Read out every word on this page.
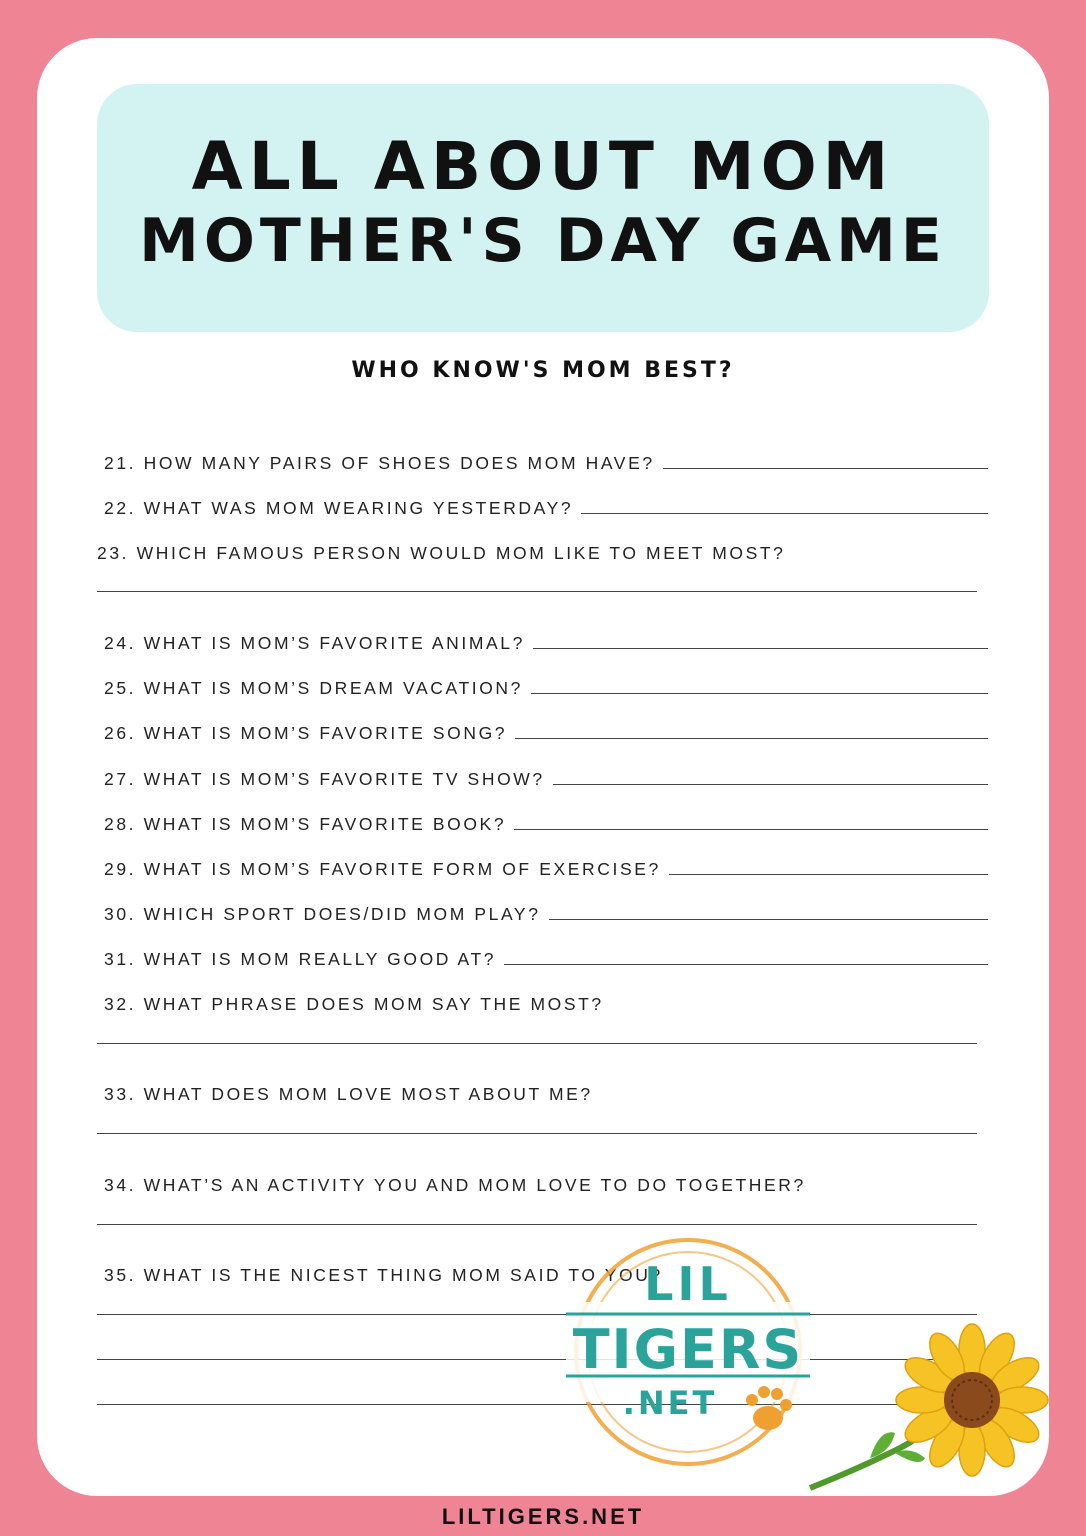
ALL ABOUT MOM
MOTHER'S DAY GAME
WHO KNOW'S MOM BEST?
21. HOW MANY PAIRS OF SHOES DOES MOM HAVE?
22. WHAT WAS MOM WEARING YESTERDAY?
23. WHICH FAMOUS PERSON WOULD MOM LIKE TO MEET MOST?
24. WHAT IS MOM’S FAVORITE ANIMAL?
25. WHAT IS MOM’S DREAM VACATION?
26. WHAT IS MOM’S FAVORITE SONG?
27. WHAT IS MOM’S FAVORITE TV SHOW?
28. WHAT IS MOM’S FAVORITE BOOK?
29. WHAT IS MOM’S FAVORITE FORM OF EXERCISE?
30. WHICH SPORT DOES/DID MOM PLAY?
31. WHAT IS MOM REALLY GOOD AT?
32. WHAT PHRASE DOES MOM SAY THE MOST?
33. WHAT DOES MOM LOVE MOST ABOUT ME?
34. WHAT’S AN ACTIVITY YOU AND MOM LOVE TO DO TOGETHER?
35. WHAT IS THE NICEST THING MOM SAID TO YOU?
LIL
TIGERS
.NET
LILTIGERS.NET
